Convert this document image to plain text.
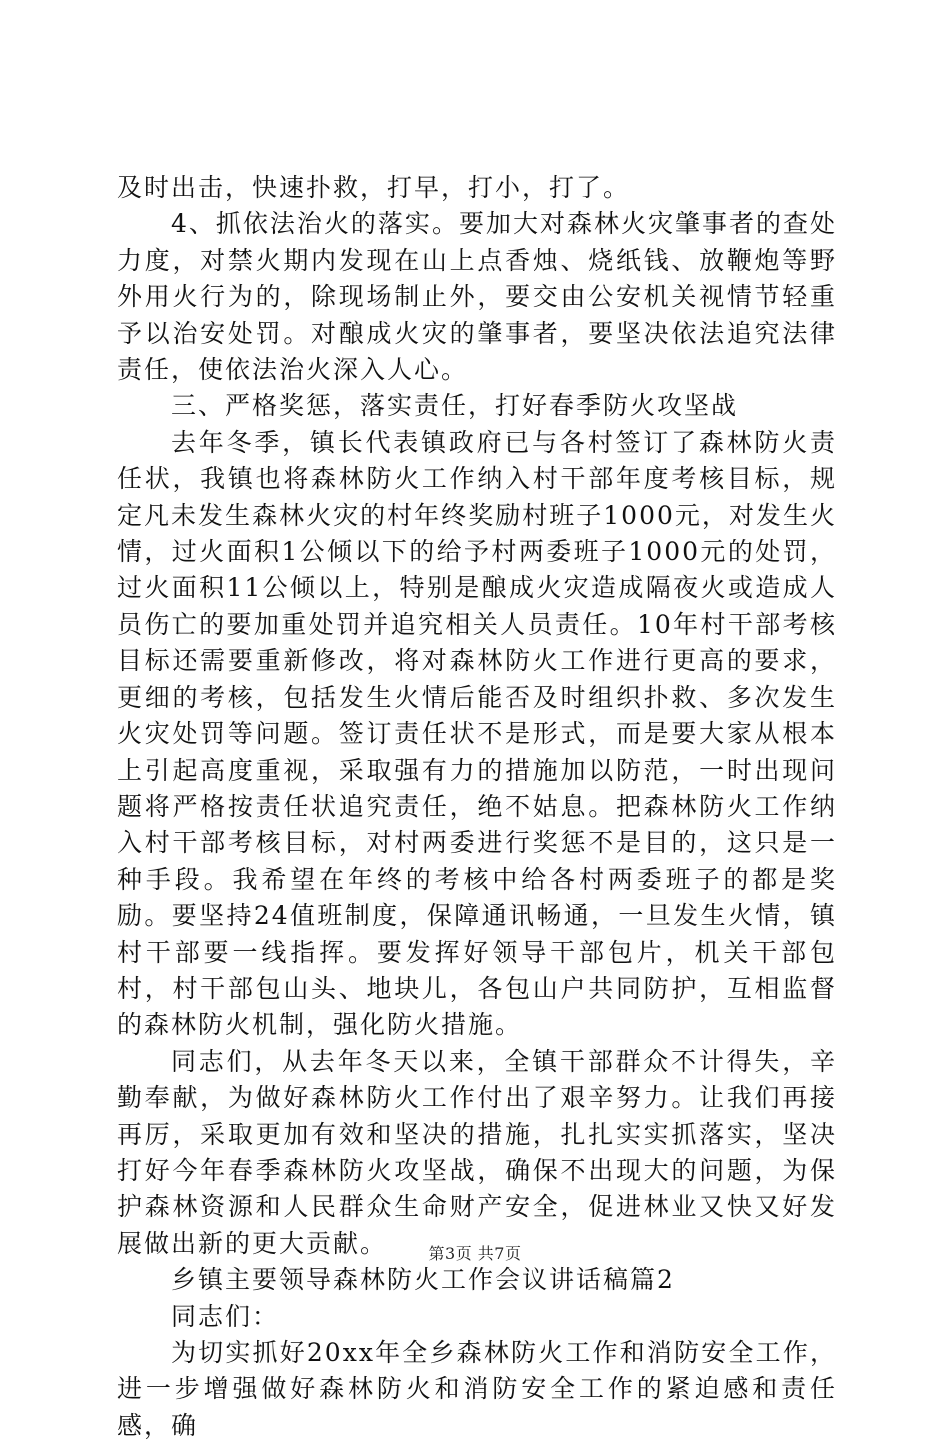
及时出击，快速扑救，打早，打小，打了。

4、抓依法治火的落实。要加大对森林火灾肇事者的查处力度，对禁火期内发现在山上点香烛、烧纸钱、放鞭炮等野外用火行为的，除现场制止外，要交由公安机关视情节轻重予以治安处罚。对酿成火灾的肇事者，要坚决依法追究法律责任，使依法治火深入人心。

三、严格奖惩，落实责任，打好春季防火攻坚战

去年冬季，镇长代表镇政府已与各村签订了森林防火责任状，我镇也将森林防火工作纳入村干部年度考核目标，规定凡未发生森林火灾的村年终奖励村班子1000元，对发生火情，过火面积1公倾以下的给予村两委班子1000元的处罚，过火面积11公倾以上，特别是酿成火灾造成隔夜火或造成人员伤亡的要加重处罚并追究相关人员责任。10年村干部考核目标还需要重新修改，将对森林防火工作进行更高的要求，更细的考核，包括发生火情后能否及时组织扑救、多次发生火灾处罚等问题。签订责任状不是形式，而是要大家从根本上引起高度重视，采取强有力的措施加以防范，一时出现问题将严格按责任状追究责任，绝不姑息。把森林防火工作纳入村干部考核目标，对村两委进行奖惩不是目的，这只是一种手段。我希望在年终的考核中给各村两委班子的都是奖励。要坚持24值班制度，保障通讯畅通，一旦发生火情，镇村干部要一线指挥。要发挥好领导干部包片，机关干部包村，村干部包山头、地块儿，各包山户共同防护，互相监督的森林防火机制，强化防火措施。

同志们，从去年冬天以来，全镇干部群众不计得失，辛勤奉献，为做好森林防火工作付出了艰辛努力。让我们再接再厉，采取更加有效和坚决的措施，扎扎实实抓落实，坚决打好今年春季森林防火攻坚战，确保不出现大的问题，为保护森林资源和人民群众生命财产安全，促进林业又快又好发展做出新的更大贡献。

乡镇主要领导森林防火工作会议讲话稿篇2

同志们：

为切实抓好20xx年全乡森林防火工作和消防安全工作，进一步增强做好森林防火和消防安全工作的紧迫感和责任感，确

第3页 共7页
